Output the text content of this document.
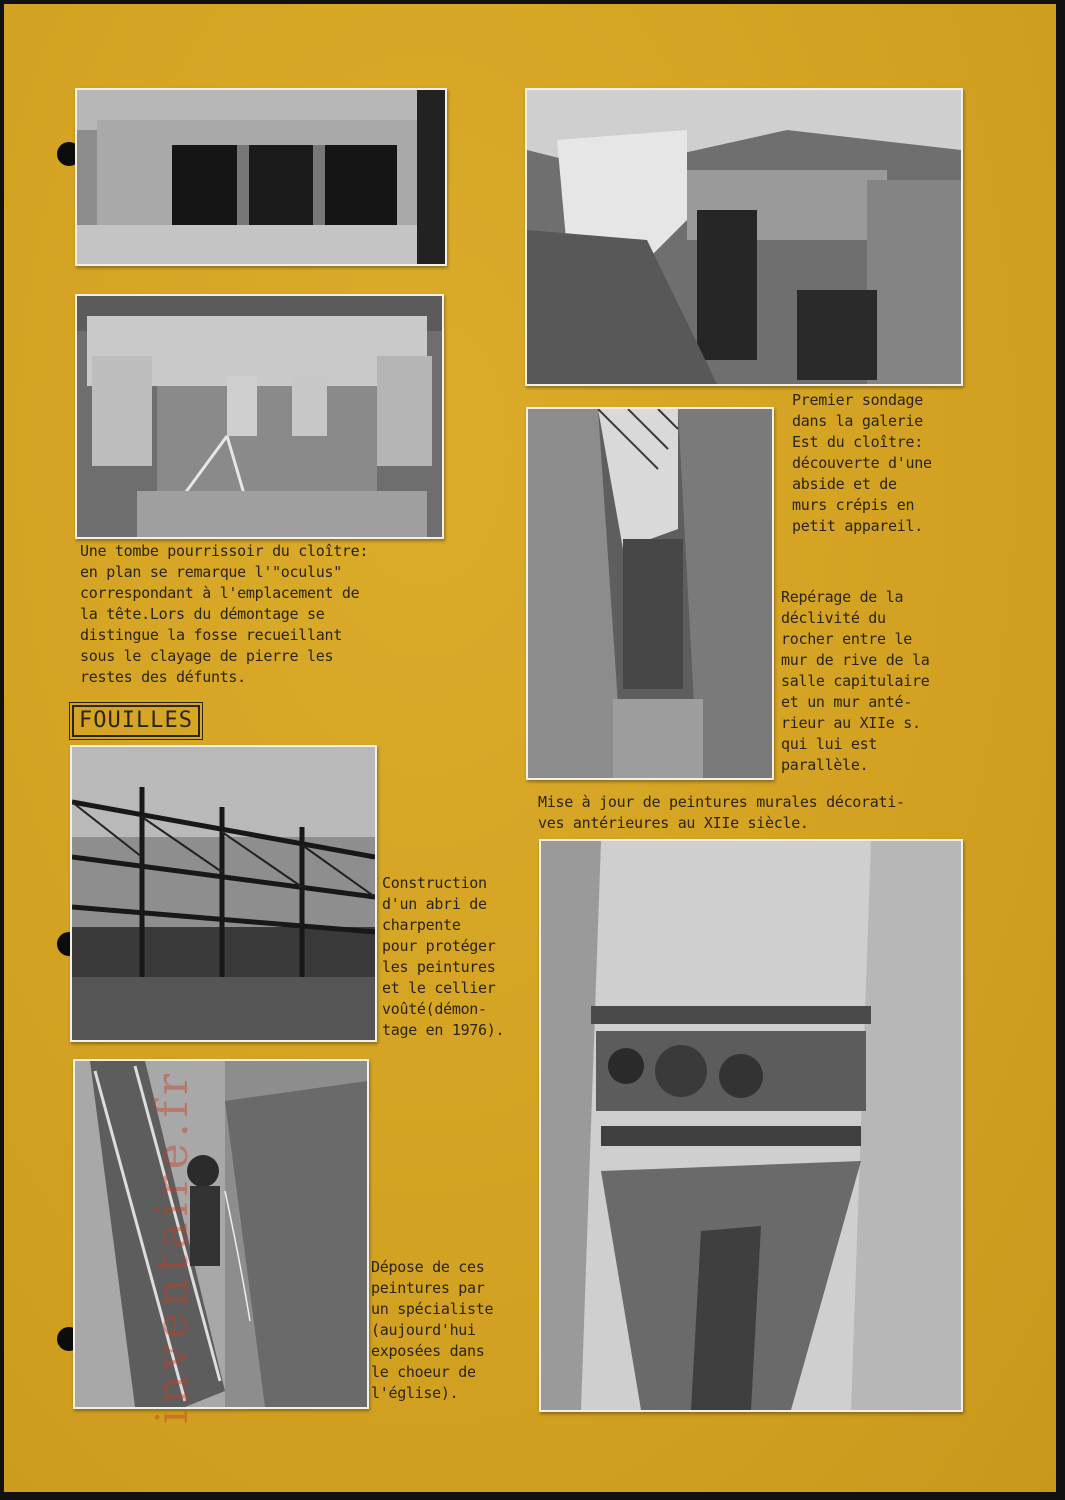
Une tombe pourrissoir du cloître:
en plan se remarque l'"oculus"
correspondant à l'emplacement de
la tête.Lors du démontage se
distingue la fosse recueillant
sous le clayage de pierre les
restes des défunts.

FOUILLES

Construction
d'un abri de
charpente
pour protéger
les peintures
et le cellier
voûté(démon-
tage en 1976).

Dépose de ces
peintures par
un spécialiste
(aujourd'hui
exposées dans
le choeur de
l'église).

Premier sondage
dans la galerie
Est du cloître:
découverte d'une
abside et de
murs crépis en
petit appareil.

Repérage de la
déclivité du
rocher entre le
mur de rive de la
salle capitulaire
et un mur anté-
rieur au XIIe s.
qui lui est
parallèle.

Mise à jour de peintures murales décorati-
ves antérieures au XIIe siècle.

inventaire.fr
